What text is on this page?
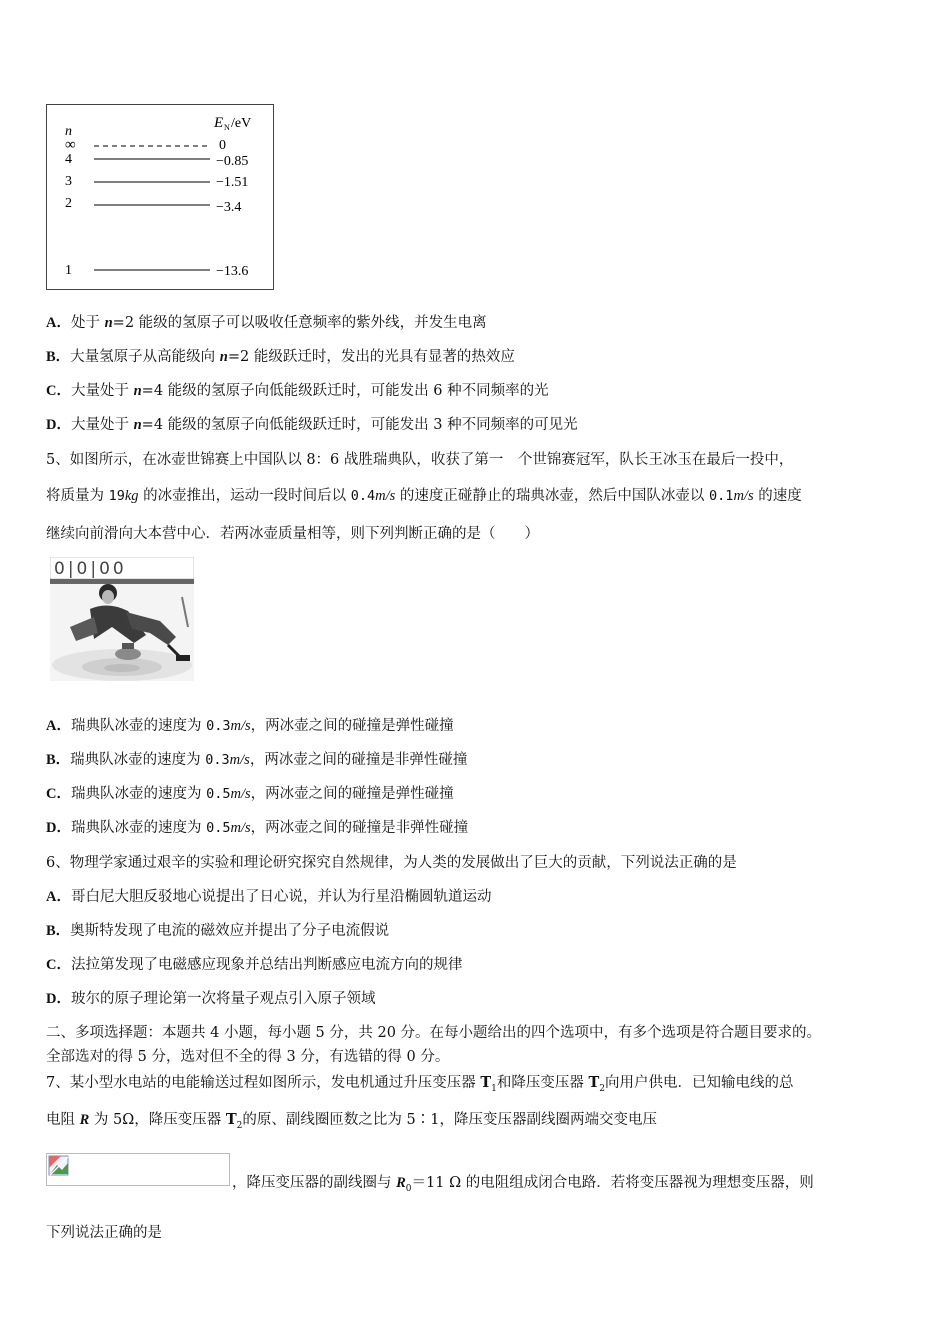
n
E N /eV
∞	0
4	−0.85
3	−1.51
2	−3.4
1	−13.6
A．处于 n=2 能级的氢原子可以吸收任意频率的紫外线，并发生电离
B．大量氢原子从高能级向 n=2 能级跃迁时，发出的光具有显著的热效应
C．大量处于 n=4 能级的氢原子向低能级跃迁时，可能发出 6 种不同频率的光
D．大量处于 n=4 能级的氢原子向低能级跃迁时，可能发出 3 种不同频率的可见光
5、如图所示，在冰壶世锦赛上中国队以 8：6 战胜瑞典队，收获了第一　个世锦赛冠军，队长王冰玉在最后一投中，
将质量为 19kg 的冰壶推出，运动一段时间后以 0.4m/s 的速度正碰静止的瑞典冰壶，然后中国队冰壶以 0.1m/s 的速度
继续向前滑向大本营中心．若两冰壶质量相等，则下列判断正确的是（　　）
0|0|00
A．瑞典队冰壶的速度为 0.3m/s，两冰壶之间的碰撞是弹性碰撞
B．瑞典队冰壶的速度为 0.3m/s，两冰壶之间的碰撞是非弹性碰撞
C．瑞典队冰壶的速度为 0.5m/s，两冰壶之间的碰撞是弹性碰撞
D．瑞典队冰壶的速度为 0.5m/s，两冰壶之间的碰撞是非弹性碰撞
6、物理学家通过艰辛的实验和理论研究探究自然规律，为人类的发展做出了巨大的贡献，下列说法正确的是
A．哥白尼大胆反驳地心说提出了日心说，并认为行星沿椭圆轨道运动
B．奥斯特发现了电流的磁效应并提出了分子电流假说
C．法拉第发现了电磁感应现象并总结出判断感应电流方向的规律
D．玻尔的原子理论第一次将量子观点引入原子领域
二、多项选择题：本题共 4 小题，每小题 5 分，共 20 分。在每小题给出的四个选项中，有多个选项是符合题目要求的。
全部选对的得 5 分，选对但不全的得 3 分，有选错的得 0 分。
7、某小型水电站的电能输送过程如图所示，发电机通过升压变压器 $T_1$和降压变压器 $T_2$向用户供电．已知输电线的总
电阻 R 为 5Ω，降压变压器 $T_2$的原、副线圈匝数之比为 5∶1，降压变压器副线圈两端交变电压
，降压变压器的副线圈与 $R_0=11$ Ω 的电阻组成闭合电路．若将变压器视为理想变压器，则
下列说法正确的是
